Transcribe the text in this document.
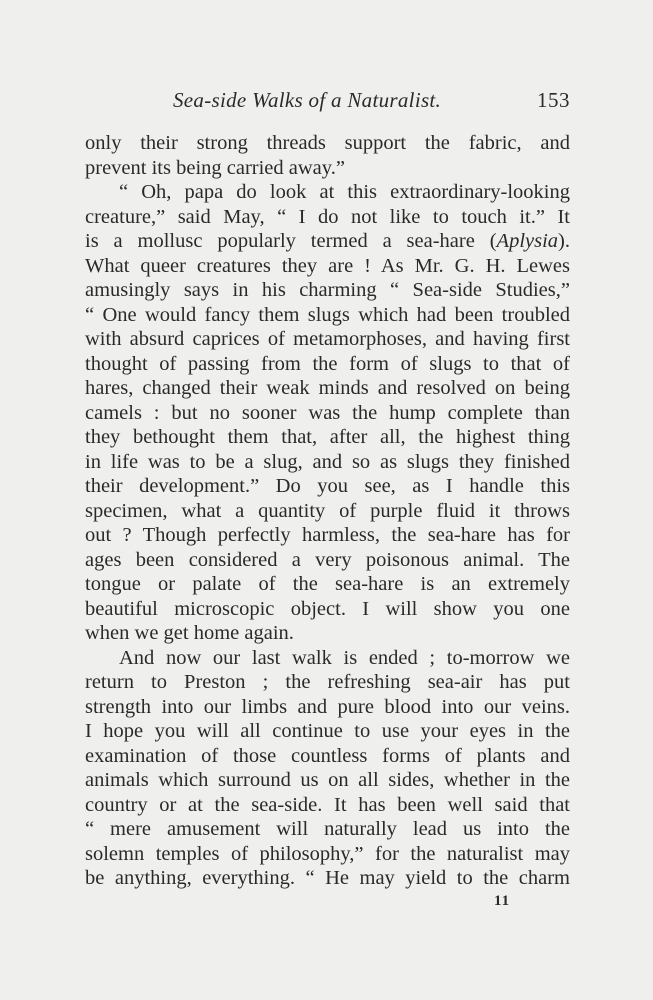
Sea-side Walks of a Naturalist.	153
only their strong threads support the fabric, and
prevent its being carried away.”
“ Oh, papa do look at this extraordinary-looking
creature,” said May, “ I do not like to touch it.” It
is a mollusc popularly termed a sea-hare (Aplysia).
What queer creatures they are ! As Mr. G. H. Lewes
amusingly says in his charming “ Sea-side Studies,”
“ One would fancy them slugs which had been troubled
with absurd caprices of metamorphoses, and having first
thought of passing from the form of slugs to that of
hares, changed their weak minds and resolved on being
camels : but no sooner was the hump complete than
they bethought them that, after all, the highest thing
in life was to be a slug, and so as slugs they finished
their development.” Do you see, as I handle this
specimen, what a quantity of purple fluid it throws
out ? Though perfectly harmless, the sea-hare has for
ages been considered a very poisonous animal. The
tongue or palate of the sea-hare is an extremely
beautiful microscopic object. I will show you one
when we get home again.
And now our last walk is ended ; to-morrow we
return to Preston ; the refreshing sea-air has put
strength into our limbs and pure blood into our veins.
I hope you will all continue to use your eyes in the
examination of those countless forms of plants and
animals which surround us on all sides, whether in the
country or at the sea-side. It has been well said that
“ mere amusement will naturally lead us into the
solemn temples of philosophy,” for the naturalist may
be anything, everything. “ He may yield to the charm
11
